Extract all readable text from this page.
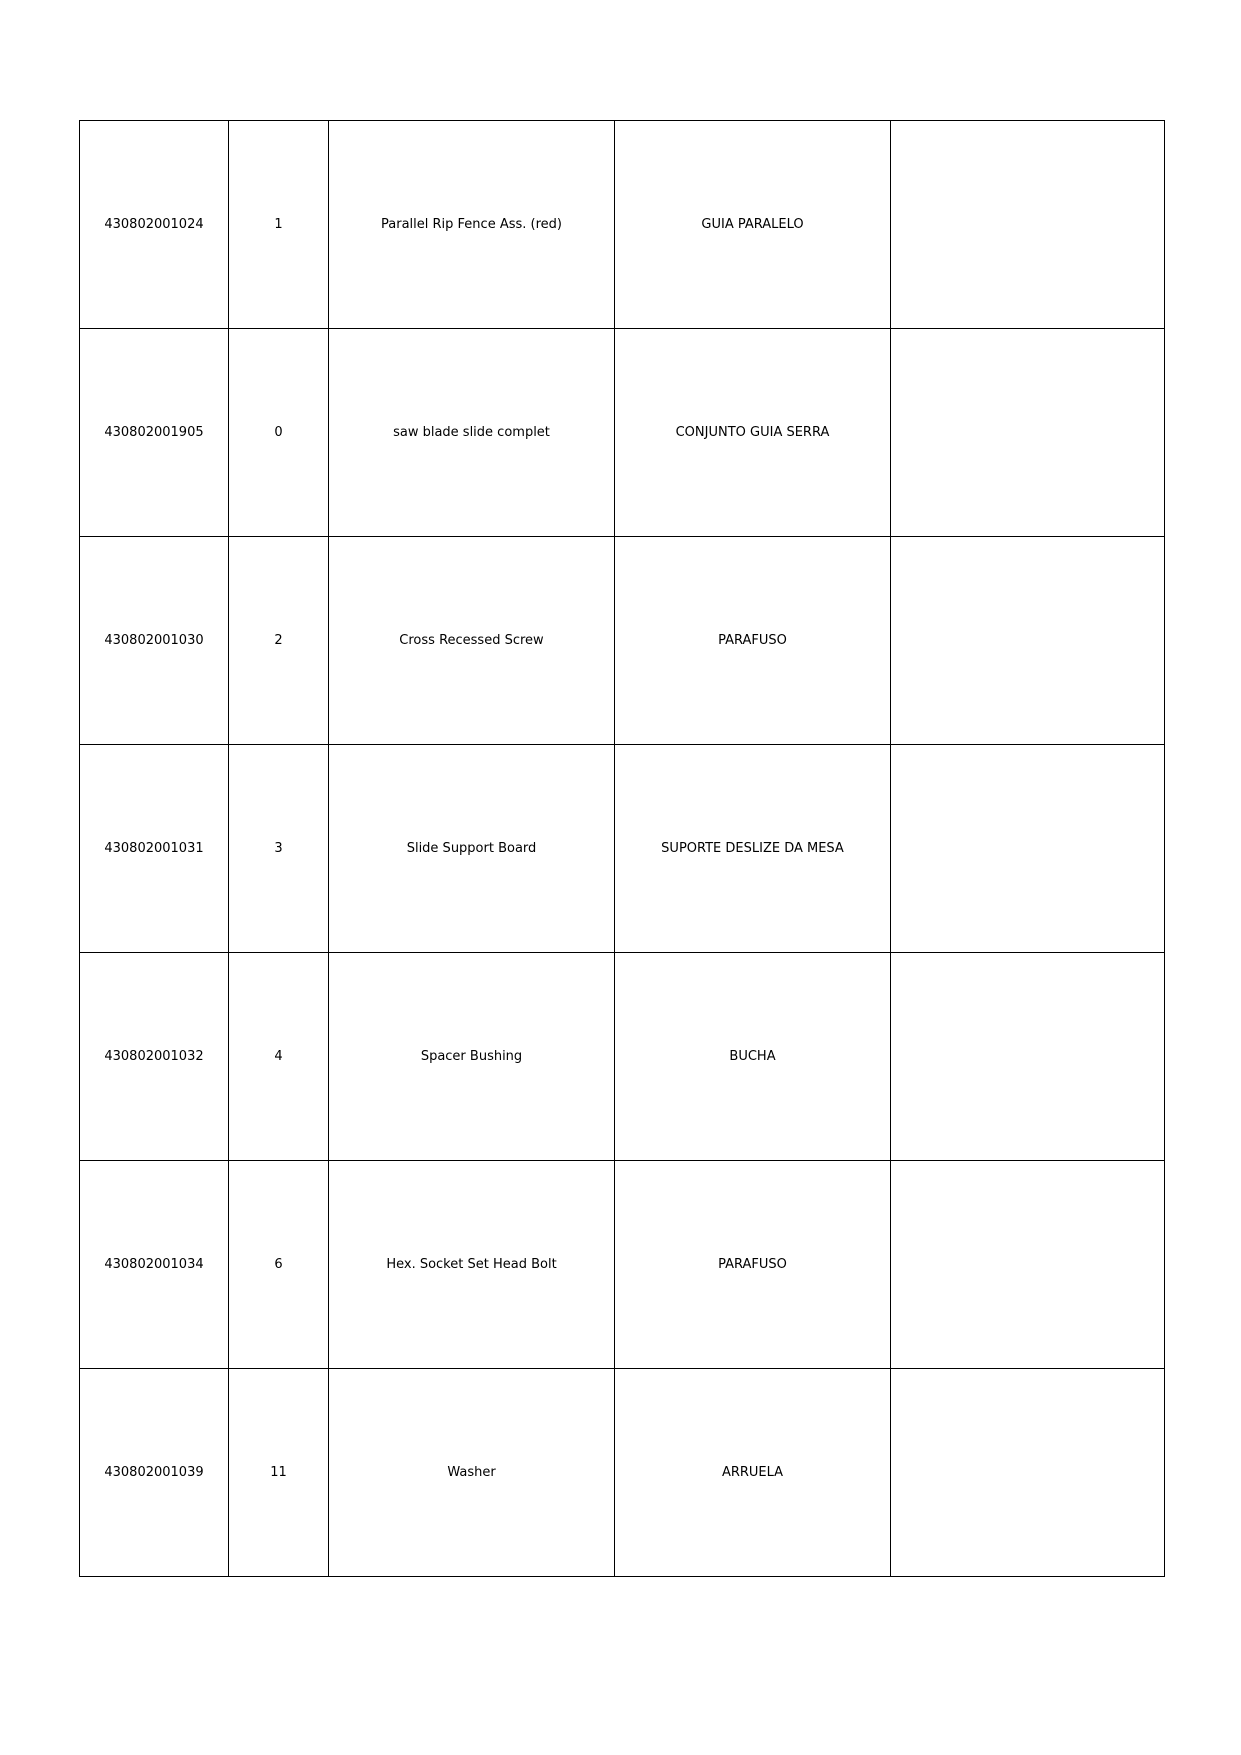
430802001024	1	Parallel Rip Fence Ass. (red)	GUIA PARALELO	
430802001905	0	saw blade slide complet	CONJUNTO GUIA SERRA	
430802001030	2	Cross Recessed Screw	PARAFUSO	
430802001031	3	Slide Support Board	SUPORTE DESLIZE DA MESA	
430802001032	4	Spacer Bushing	BUCHA	
430802001034	6	Hex. Socket Set Head Bolt	PARAFUSO	
430802001039	11	Washer	ARRUELA	
